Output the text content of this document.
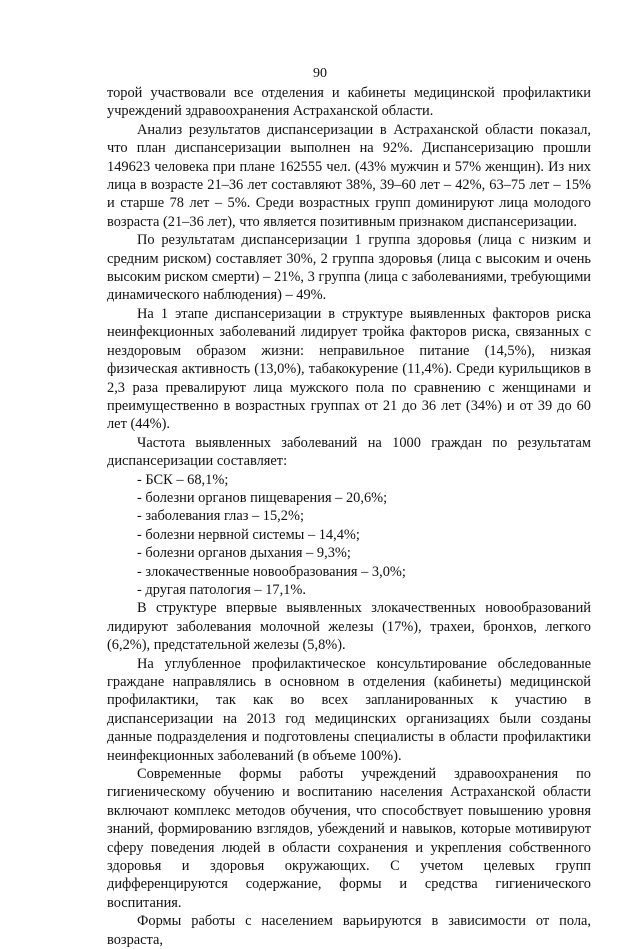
90

торой участвовали все отделения и кабинеты медицинской профилактики учреждений здравоохранения Астраханской области.

Анализ результатов диспансеризации в Астраханской области показал, что план диспансеризации выполнен на 92%. Диспансеризацию прошли 149623 человека при плане 162555 чел. (43% мужчин и 57% женщин). Из них лица в возрасте 21–36 лет составляют 38%, 39–60 лет – 42%, 63–75 лет – 15% и старше 78 лет – 5%. Среди возрастных групп доминируют лица молодого возраста (21–36 лет), что является позитивным признаком диспансеризации.

По результатам диспансеризации 1 группа здоровья (лица с низким и средним риском) составляет 30%, 2 группа здоровья (лица с высоким и очень высоким риском смерти) – 21%, 3 группа (лица с заболеваниями, требующими динамического наблюдения) – 49%.

На 1 этапе диспансеризации в структуре выявленных факторов риска неинфекционных заболеваний лидирует тройка факторов риска, связанных с нездоровым образом жизни: неправильное питание (14,5%), низкая физическая активность (13,0%), табакокурение (11,4%). Среди курильщиков в 2,3 раза превалируют лица мужского пола по сравнению с женщинами и преимущественно в возрастных группах от 21 до 36 лет (34%) и от 39 до 60 лет (44%).

Частота выявленных заболеваний на 1000 граждан по результатам диспансеризации составляет:

- БСК – 68,1%;

- болезни органов пищеварения – 20,6%;

- заболевания глаз – 15,2%;

- болезни нервной системы – 14,4%;

- болезни органов дыхания – 9,3%;

- злокачественные новообразования – 3,0%;

- другая патология – 17,1%.

В структуре впервые выявленных злокачественных новообразований лидируют заболевания молочной железы (17%), трахеи, бронхов, легкого (6,2%), предстательной железы (5,8%).

На углубленное профилактическое консультирование обследованные граждане направлялись в основном в отделения (кабинеты) медицинской профилактики, так как во всех запланированных к участию в диспансеризации на 2013 год медицинских организациях были созданы данные подразделения и подготовлены специалисты в области профилактики неинфекционных заболеваний (в объеме 100%).

Современные формы работы учреждений здравоохранения по гигиеническому обучению и воспитанию населения Астраханской области включают комплекс методов обучения, что способствует повышению уровня знаний, формированию взглядов, убеждений и навыков, которые мотивируют сферу поведения людей в области сохранения и укрепления собственного здоровья и здоровья окружающих. С учетом целевых групп дифференцируются содержание, формы и средства гигиенического воспитания.

Формы работы с населением варьируются в зависимости от пола, возраста,
